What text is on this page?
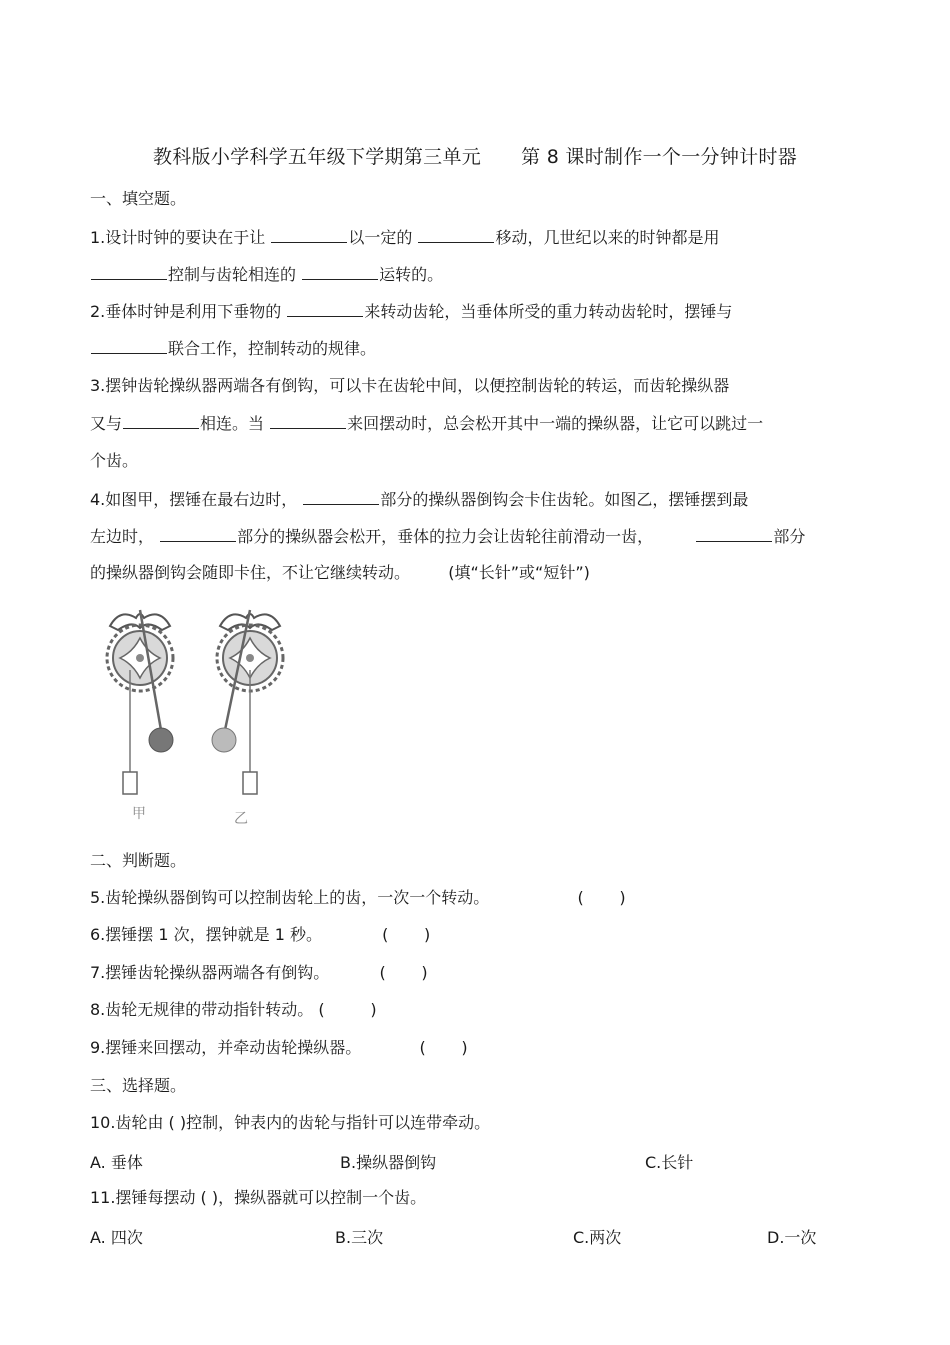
教科版小学科学五年级下学期第三单元 第 8 课时制作一个一分钟计时器
一、填空题。
1.设计时钟的要诀在于让	以一定的	移动，几世纪以来的时钟都是用
控制与齿轮相连的	运转的。
2.垂体时钟是利用下垂物的	来转动齿轮，当垂体所受的重力转动齿轮时，摆锤与
联合工作，控制转动的规律。
3.摆钟齿轮操纵器两端各有倒钩，可以卡在齿轮中间，以便控制齿轮的转运，而齿轮操纵器
又与	相连。当	来回摆动时，总会松开其中一端的操纵器，让它可以跳过一
个齿。
4.如图甲，摆锤在最右边时，	部分的操纵器倒钩会卡住齿轮。如图乙，摆锤摆到最
左边时，	部分的操纵器会松开，垂体的拉力会让齿轮往前滑动一齿，	部分
的操纵器倒钩会随即卡住，不让它继续转动。 (填“长针”或“短针”)
甲	乙
二、判断题。
5.齿轮操纵器倒钩可以控制齿轮上的齿，一次一个转动。	(       )
6.摆锤摆 1 次，摆钟就是 1 秒。	(       )
7.摆锤齿轮操纵器两端各有倒钩。	(       )
8.齿轮无规律的带动指针转动。 (         )
9.摆锤来回摆动，并牵动齿轮操纵器。	(       )
三、选择题。
10.齿轮由 ( )控制，钟表内的齿轮与指针可以连带牵动。
A. 垂体	B.操纵器倒钩	C.长针
11.摆锤每摆动 ( )，操纵器就可以控制一个齿。
A. 四次	B.三次	C.两次	D.一次
